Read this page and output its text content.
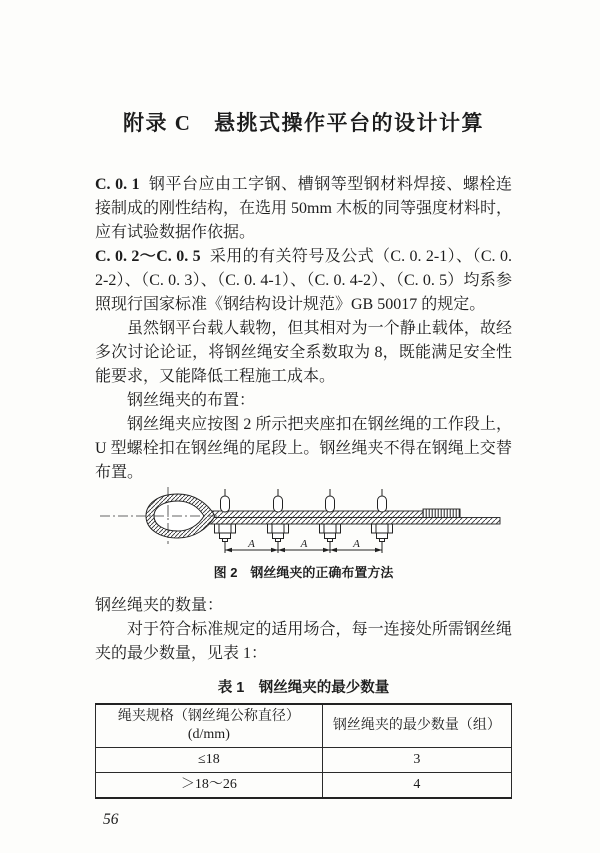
附录 C　悬挑式操作平台的设计计算

C. 0. 1 钢平台应由工字钢、槽钢等型钢材料焊接、螺栓连接制成的刚性结构，在选用 50mm 木板的同等强度材料时，应有试验数据作依据。

C. 0. 2～C. 0. 5 采用的有关符号及公式（C. 0. 2-1）、（C. 0. 2-2）、（C. 0. 3）、（C. 0. 4-1）、（C. 0. 4-2）、（C. 0. 5）均系参照现行国家标准《钢结构设计规范》GB 50017 的规定。

虽然钢平台载人载物，但其相对为一个静止载体，故经多次讨论论证，将钢丝绳安全系数取为 8，既能满足安全性能要求，又能降低工程施工成本。

钢丝绳夹的布置：

钢丝绳夹应按图 2 所示把夹座扣在钢丝绳的工作段上，U 型螺栓扣在钢丝绳的尾段上。钢丝绳夹不得在钢绳上交替布置。

A	A	A
图 2　钢丝绳夹的正确布置方法

钢丝绳夹的数量：

对于符合标准规定的适用场合，每一连接处所需钢丝绳夹的最少数量，见表 1：

表 1　钢丝绳夹的最少数量
绳夹规格（钢丝绳公称直径）(d/mm)	钢丝绳夹的最少数量（组）
≤18	3
＞18～26	4
56
